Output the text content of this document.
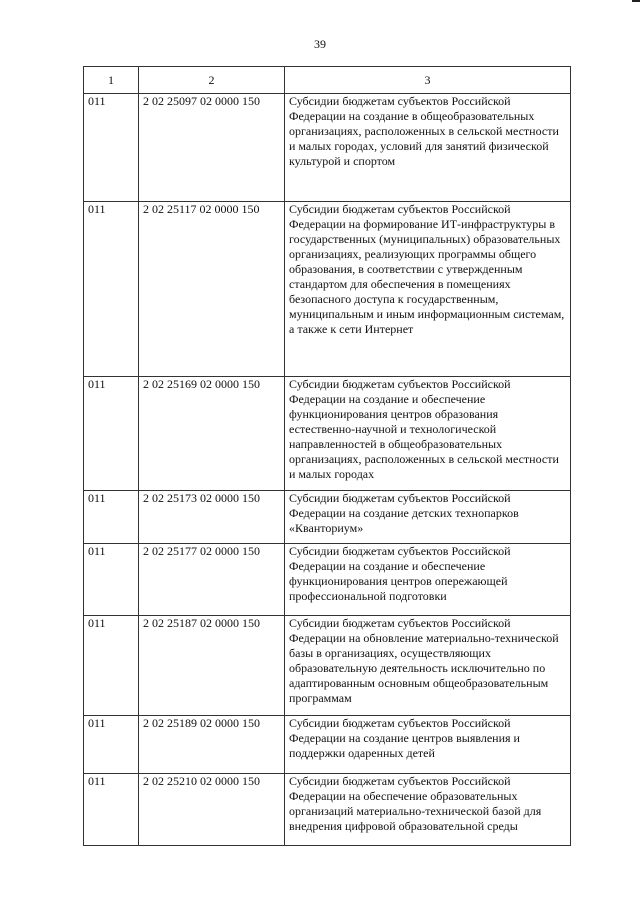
39
1	2	3
011	2 02 25097 02 0000 150	Субсидии бюджетам субъектов Российской Федерации на создание в общеобразовательных организациях, расположенных в сельской местности и малых городах, условий для занятий физической культурой и спортом
011	2 02 25117 02 0000 150	Субсидии бюджетам субъектов Российской Федерации на формирование ИТ-инфраструктуры в государственных (муниципальных) образовательных организациях, реализующих программы общего образования, в соответствии с утвержденным стандартом для обеспечения в помещениях безопасного доступа к государственным, муниципальным и иным информационным системам, а также к сети Интернет
011	2 02 25169 02 0000 150	Субсидии бюджетам субъектов Российской Федерации на создание и обеспечение функционирования центров образования естественно-научной и технологической направленностей в общеобразовательных организациях, расположенных в сельской местности и малых городах
011	2 02 25173 02 0000 150	Субсидии бюджетам субъектов Российской Федерации на создание детских технопарков «Кванториум»
011	2 02 25177 02 0000 150	Субсидии бюджетам субъектов Российской Федерации на создание и обеспечение функционирования центров опережающей профессиональной подготовки
011	2 02 25187 02 0000 150	Субсидии бюджетам субъектов Российской Федерации на обновление материально-технической базы в организациях, осуществляющих образовательную деятельность исключительно по адаптированным основным общеобразовательным программам
011	2 02 25189 02 0000 150	Субсидии бюджетам субъектов Российской Федерации на создание центров выявления и поддержки одаренных детей
011	2 02 25210 02 0000 150	Субсидии бюджетам субъектов Российской Федерации на обеспечение образовательных организаций материально-технической базой для внедрения цифровой образовательной среды
